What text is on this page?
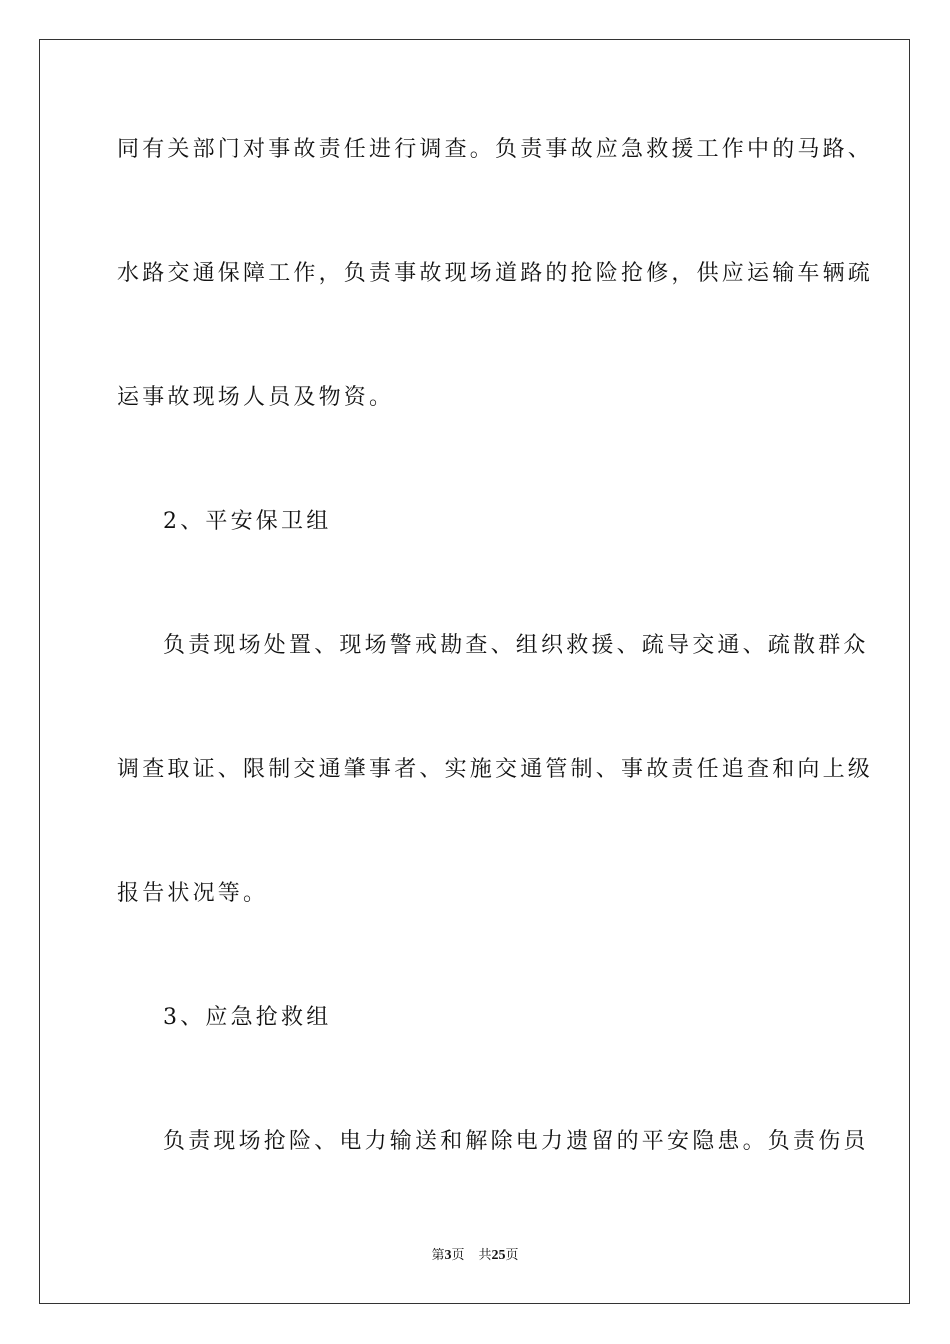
同有关部门对事故责任进行调查。负责事故应急救援工作中的马路、
水路交通保障工作，负责事故现场道路的抢险抢修，供应运输车辆疏
运事故现场人员及物资。
2、平安保卫组
负责现场处置、现场警戒勘查、组织救援、疏导交通、疏散群众
调查取证、限制交通肇事者、实施交通管制、事故责任追查和向上级
报告状况等。
3、应急抢救组
负责现场抢险、电力输送和解除电力遗留的平安隐患。负责伤员
第3页 共25页
